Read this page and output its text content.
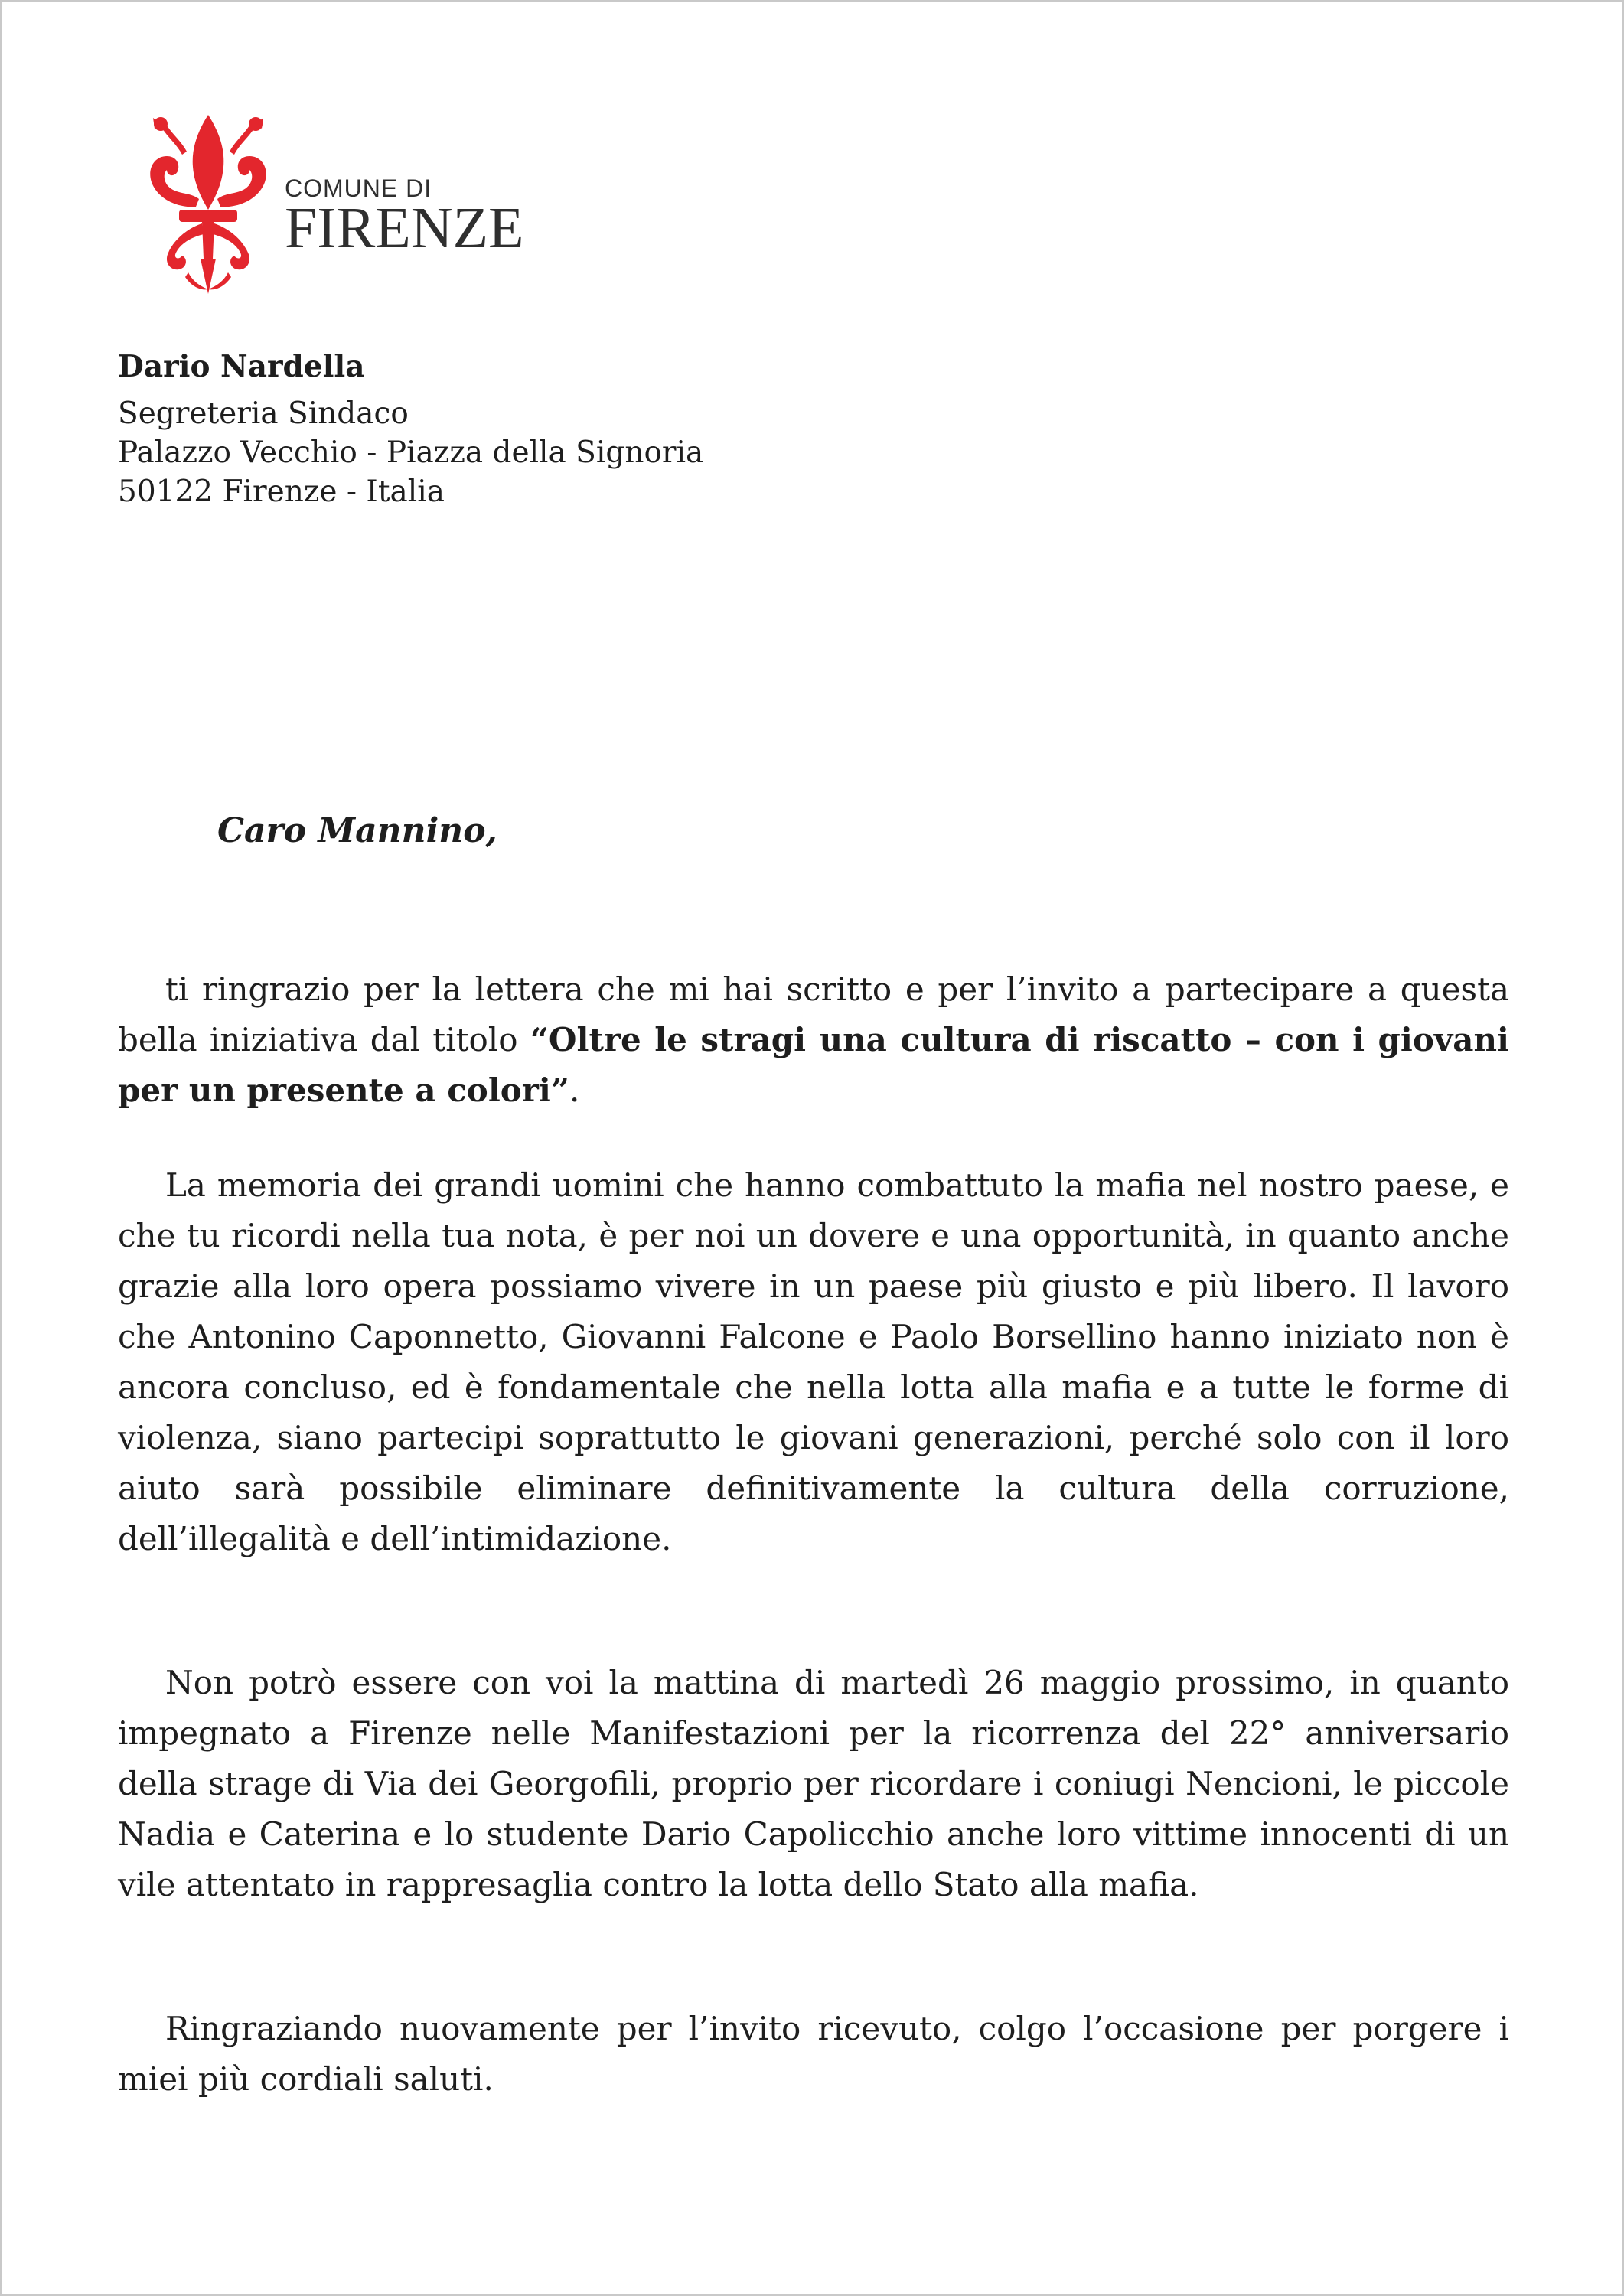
COMUNE DI
FIRENZE
Dario Nardella
Segreteria Sindaco
Palazzo Vecchio - Piazza della Signoria
50122 Firenze - Italia
Caro Mannino,

ti ringrazio per la lettera che mi hai scritto e per l’invito a partecipare a questa bella iniziativa dal titolo “Oltre le stragi una cultura di riscatto – con i giovani per un presente a colori”.

La memoria dei grandi uomini che hanno combattuto la mafia nel nostro paese, e che tu ricordi nella tua nota, è per noi un dovere e una opportunità, in quanto anche grazie alla loro opera possiamo vivere in un paese più giusto e più libero. Il lavoro che Antonino Caponnetto, Giovanni Falcone e Paolo Borsellino hanno iniziato non è ancora concluso, ed è fondamentale che nella lotta alla mafia e a tutte le forme di violenza, siano partecipi soprattutto le giovani generazioni, perché solo con il loro aiuto sarà possibile eliminare definitivamente la cultura della corruzione, dell’illegalità e dell’intimidazione.

Non potrò essere con voi la mattina di martedì 26 maggio prossimo, in quanto impegnato a Firenze nelle Manifestazioni per la ricorrenza del 22° anniversario della strage di Via dei Georgofili, proprio per ricordare i coniugi Nencioni, le piccole Nadia e Caterina e lo studente Dario Capolicchio anche loro vittime innocenti di un vile attentato in rappresaglia contro la lotta dello Stato alla mafia.

Ringraziando nuovamente per l’invito ricevuto, colgo l’occasione per porgere i miei più cordiali saluti.
